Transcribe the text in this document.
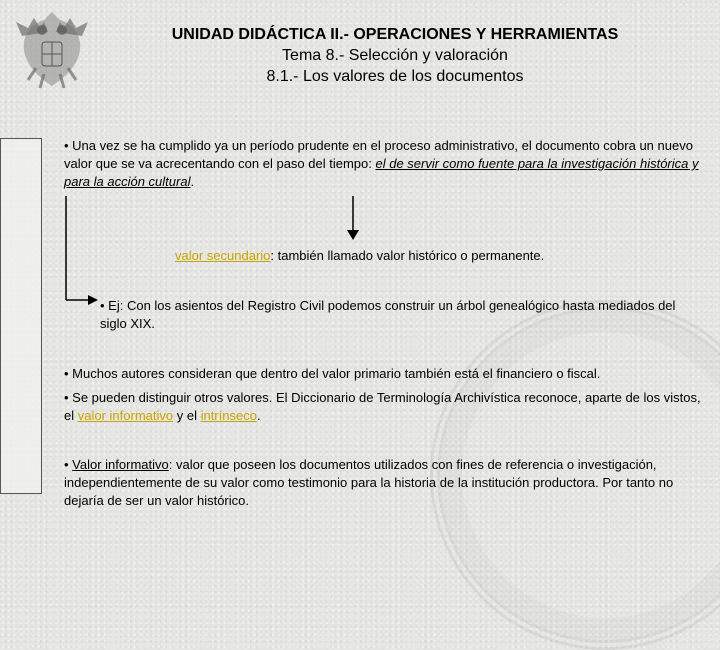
UNIDAD DIDÁCTICA II.- OPERACIONES Y HERRAMIENTAS
Tema 8.- Selección y valoración
8.1.- Los valores de los documentos
• Una vez se ha cumplido ya un período prudente en el proceso administrativo, el documento cobra un nuevo valor que se va acrecentando con el paso del tiempo: el de servir como fuente para la investigación histórica y para la acción cultural.
valor secundario: también llamado valor histórico o permanente.
• Ej: Con los asientos del Registro Civil podemos construir un árbol genealógico hasta mediados del siglo XIX.
• Muchos autores consideran que dentro del valor primario también está el financiero o fiscal.
• Se pueden distinguir otros valores. El Diccionario de Terminología Archivística reconoce, aparte de los vistos, el valor informativo y el intrínseco.
• Valor informativo: valor que poseen los documentos utilizados con fines de referencia o investigación, independientemente de su valor como testimonio para la historia de la institución productora. Por tanto no dejaría de ser un valor histórico.
